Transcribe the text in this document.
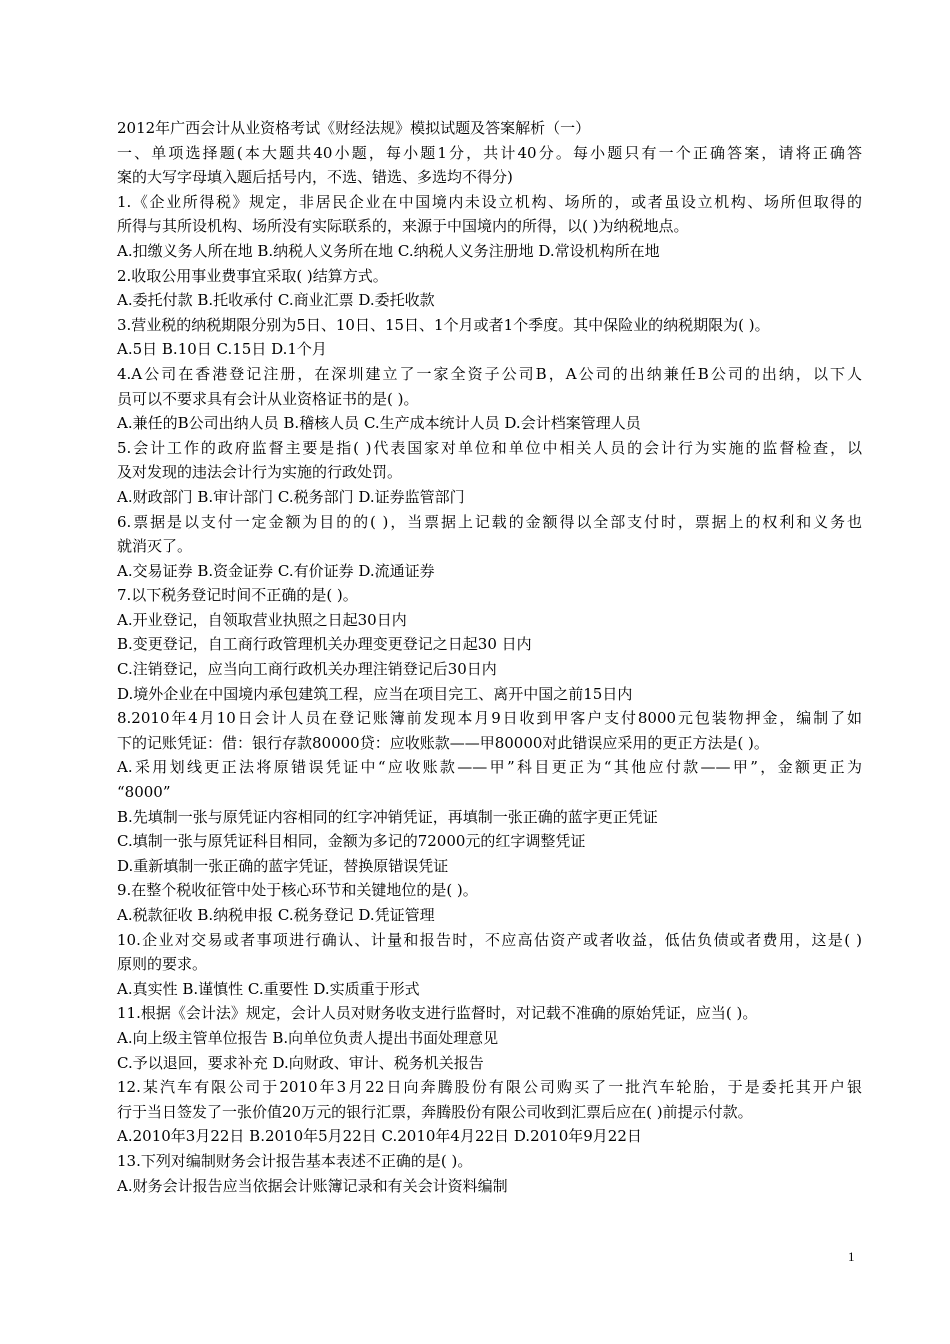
2012年广西会计从业资格考试《财经法规》模拟试题及答案解析（一）
一、单项选择题(本大题共40小题，每小题1分，共计40分。每小题只有一个正确答案，请将正确答
案的大写字母填入题后括号内，不选、错选、多选均不得分)
1.《企业所得税》规定，非居民企业在中国境内未设立机构、场所的，或者虽设立机构、场所但取得的
所得与其所设机构、场所没有实际联系的，来源于中国境内的所得，以( )为纳税地点。
A.扣缴义务人所在地 B.纳税人义务所在地 C.纳税人义务注册地 D.常设机构所在地
2.收取公用事业费事宜采取( )结算方式。
A.委托付款 B.托收承付 C.商业汇票 D.委托收款
3.营业税的纳税期限分别为5日、10日、15日、1个月或者1个季度。其中保险业的纳税期限为( )。
A.5日 B.10日 C.15日 D.1个月
4.A公司在香港登记注册，在深圳建立了一家全资子公司B，A公司的出纳兼任B公司的出纳，以下人
员可以不要求具有会计从业资格证书的是( )。
A.兼任的B公司出纳人员 B.稽核人员 C.生产成本统计人员 D.会计档案管理人员
5.会计工作的政府监督主要是指( )代表国家对单位和单位中相关人员的会计行为实施的监督检查，以
及对发现的违法会计行为实施的行政处罚。
A.财政部门 B.审计部门 C.税务部门 D.证券监管部门
6.票据是以支付一定金额为目的的( )，当票据上记载的金额得以全部支付时，票据上的权利和义务也
就消灭了。
A.交易证券 B.资金证券 C.有价证券 D.流通证券
7.以下税务登记时间不正确的是( )。
A.开业登记，自领取营业执照之日起30日内
B.变更登记，自工商行政管理机关办理变更登记之日起30 日内
C.注销登记，应当向工商行政机关办理注销登记后30日内
D.境外企业在中国境内承包建筑工程，应当在项目完工、离开中国之前15日内
8.2010年4月10日会计人员在登记账簿前发现本月9日收到甲客户支付8000元包装物押金，编制了如
下的记账凭证：借：银行存款80000贷：应收账款——甲80000对此错误应采用的更正方法是( )。
A.采用划线更正法将原错误凭证中“应收账款——甲”科目更正为“其他应付款——甲”，金额更正为
“8000”
B.先填制一张与原凭证内容相同的红字冲销凭证，再填制一张正确的蓝字更正凭证
C.填制一张与原凭证科目相同，金额为多记的72000元的红字调整凭证
D.重新填制一张正确的蓝字凭证，替换原错误凭证
9.在整个税收征管中处于核心环节和关键地位的是( )。
A.税款征收 B.纳税申报 C.税务登记 D.凭证管理
10.企业对交易或者事项进行确认、计量和报告时，不应高估资产或者收益，低估负债或者费用，这是( )
原则的要求。
A.真实性 B.谨慎性 C.重要性 D.实质重于形式
11.根据《会计法》规定，会计人员对财务收支进行监督时，对记载不准确的原始凭证，应当( )。
A.向上级主管单位报告 B.向单位负责人提出书面处理意见
C.予以退回，要求补充 D.向财政、审计、税务机关报告
12.某汽车有限公司于2010年3月22日向奔腾股份有限公司购买了一批汽车轮胎，于是委托其开户银
行于当日签发了一张价值20万元的银行汇票，奔腾股份有限公司收到汇票后应在( )前提示付款。
A.2010年3月22日 B.2010年5月22日 C.2010年4月22日 D.2010年9月22日
13.下列对编制财务会计报告基本表述不正确的是( )。
A.财务会计报告应当依据会计账簿记录和有关会计资料编制
1
